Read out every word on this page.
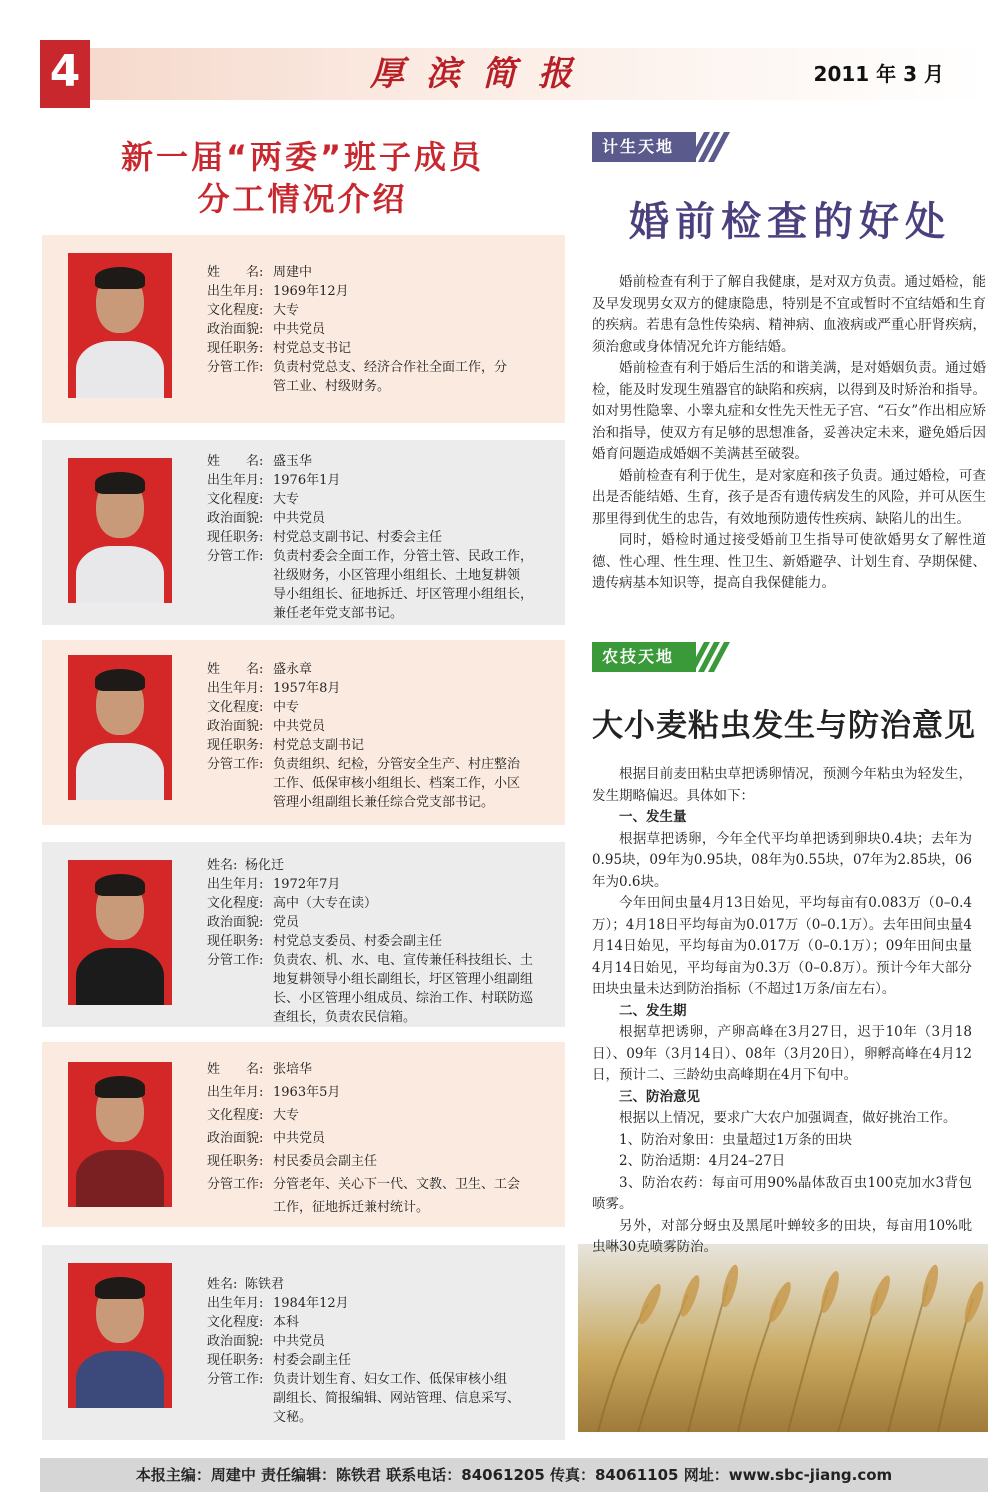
4	厚滨简报	2011 年 3 月
新一届“两委”班子成员
分工情况介绍
姓　　名: 周建中
出生年月: 1969年12月
文化程度: 大专
政治面貌: 中共党员
现任职务: 村党总支书记
分管工作: 负责村党总支、经济合作社全面工作，分
管工业、村级财务。
姓　　名: 盛玉华
出生年月: 1976年1月
文化程度: 大专
政治面貌: 中共党员
现任职务: 村党总支副书记、村委会主任
分管工作: 负责村委会全面工作，分管土管、民政工作，
社级财务，小区管理小组组长、土地复耕领
导小组组长、征地拆迁、圩区管理小组组长，
兼任老年党支部书记。
姓　　名: 盛永章
出生年月: 1957年8月
文化程度: 中专
政治面貌: 中共党员
现任职务: 村党总支副书记
分管工作: 负责组织、纪检，分管安全生产、村庄整治
工作、低保审核小组组长、档案工作，小区
管理小组副组长兼任综合党支部书记。
姓名: 杨化迁
出生年月: 1972年7月
文化程度: 高中（大专在读）
政治面貌: 党员
现任职务: 村党总支委员、村委会副主任
分管工作: 负责农、机、水、电、宣传兼任科技组长、土
地复耕领导小组长副组长，圩区管理小组副组
长、小区管理小组成员、综治工作、村联防巡
查组长，负责农民信箱。
姓　　名: 张培华
出生年月: 1963年5月
文化程度: 大专
政治面貌: 中共党员
现任职务: 村民委员会副主任
分管工作: 分管老年、关心下一代、文教、卫生、工会
工作，征地拆迁兼村统计。
姓名: 陈铁君
出生年月: 1984年12月
文化程度: 本科
政治面貌: 中共党员
现任职务: 村委会副主任
分管工作: 负责计划生育、妇女工作、低保审核小组
副组长、简报编辑、网站管理、信息采写、
文秘。
计生天地
婚前检查的好处

婚前检查有利于了解自我健康，是对双方负责。通过婚检，能及早发现男女双方的健康隐患，特别是不宜或暂时不宜结婚和生育的疾病。若患有急性传染病、精神病、血液病或严重心肝肾疾病，须治愈或身体情况允许方能结婚。

婚前检查有利于婚后生活的和谐美满，是对婚姻负责。通过婚检，能及时发现生殖器官的缺陷和疾病，以得到及时矫治和指导。如对男性隐睾、小睾丸症和女性先天性无子宫、“石女”作出相应矫治和指导，使双方有足够的思想准备，妥善决定未来，避免婚后因婚育问题造成婚姻不美满甚至破裂。

婚前检查有利于优生，是对家庭和孩子负责。通过婚检，可查出是否能结婚、生育，孩子是否有遗传病发生的风险，并可从医生那里得到优生的忠告，有效地预防遗传性疾病、缺陷儿的出生。

同时，婚检时通过接受婚前卫生指导可使欲婚男女了解性道德、性心理、性生理、性卫生、新婚避孕、计划生育、孕期保健、遗传病基本知识等，提高自我保健能力。

农技天地
大小麦粘虫发生与防治意见

根据目前麦田粘虫草把诱卵情况，预测今年粘虫为轻发生，发生期略偏迟。具体如下：

一、发生量

根据草把诱卵，今年全代平均单把诱到卵块0.4块；去年为0.95块，09年为0.95块，08年为0.55块，07年为2.85块，06年为0.6块。

今年田间虫量4月13日始见，平均每亩有0.083万（0–0.4万）；4月18日平均每亩为0.017万（0–0.1万）。去年田间虫量4月14日始见，平均每亩为0.017万（0–0.1万）；09年田间虫量4月14日始见，平均每亩为0.3万（0–0.8万）。预计今年大部分田块虫量未达到防治指标（不超过1万条/亩左右）。

二、发生期

根据草把诱卵，产卵高峰在3月27日，迟于10年（3月18日）、09年（3月14日）、08年（3月20日），卵孵高峰在4月12日，预计二、三龄幼虫高峰期在4月下旬中。

三、防治意见

根据以上情况，要求广大农户加强调查，做好挑治工作。

1、防治对象田：虫量超过1万条的田块

2、防治适期：4月24–27日

3、防治农药：每亩可用90%晶体敌百虫100克加水3背包喷雾。

另外，对部分蚜虫及黑尾叶蝉较多的田块，每亩用10%吡虫啉30克喷雾防治。

本报主编：周建中 责任编辑：陈铁君 联系电话：84061205 传真：84061105 网址：www.sbc-jiang.com
